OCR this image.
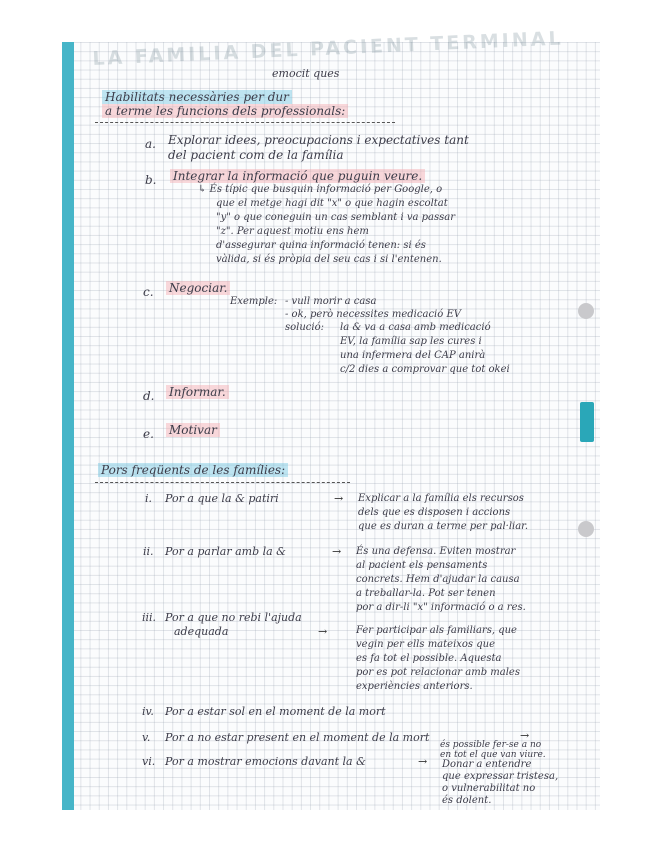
LA FAMILIA DEL PACIENT TERMINAL
emocit ques
Habilitats necessàries per dur
a terme les funcions dels professionals:
a. Explorar idees, preocupacions i expectatives tant
del pacient com de la família
b. Integrar la informació que puguin veure.
↳ És típic que busquin informació per Google, o
que el metge hagi dit "x" o que hagin escoltat
"y" o que coneguin un cas semblant i va passar
"z". Per aquest motiu ens hem
d'assegurar quina informació tenen: si és
vàlida, si és pròpia del seu cas i si l'entenen.
c. Negociar.
Exemple: - vull morir a casa
- ok, però necessites medicació EV
solució: la & va a casa amb medicació
EV, la família sap les cures i
una infermera del CAP anirà
c/2 dies a comprovar que tot okei
d. Informar.
e. Motivar
Pors freqüents de les famílies:
i. Por a que la & patiri	→ Explicar a la família els recursos
dels que es disposen i accions
que es duran a terme per pal·liar.
ii. Por a parlar amb la &	→ És una defensa. Eviten mostrar
al pacient els pensaments
concrets. Hem d'ajudar la causa
a treballar-la. Pot ser tenen
por a dir-li "x" informació o a res.
iii. Por a que no rebi l'ajuda
adequada	→	Fer participar als familiars, que
vegin per ells mateixos que
es fa tot el possible. Aquesta
por es pot relacionar amb males
experiències anteriors.
iv. Por a estar sol en el moment de la mort
v. Por a no estar present en el moment de la mort	→
és possible fer-se a no
en tot el que van viure.
vi. Por a mostrar emocions davant la &	→ Donar a entendre
que expressar tristesa,
o vulnerabilitat no
és dolent.
